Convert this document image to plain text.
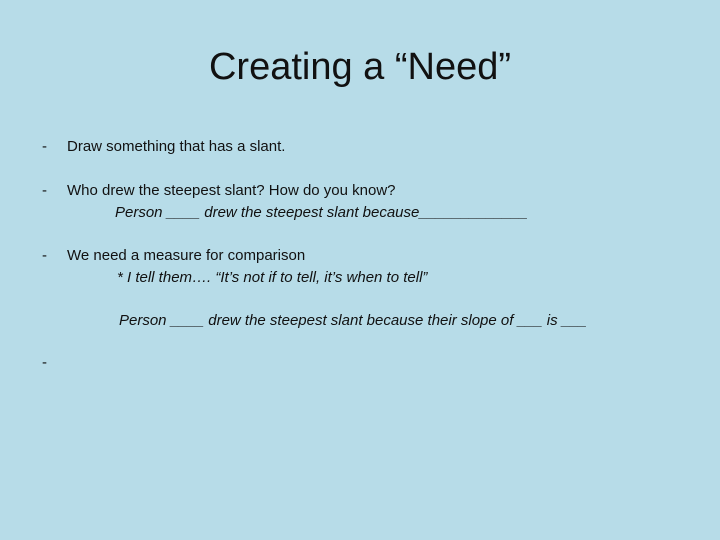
Creating a “Need”
- Draw something that has a slant.
- Who drew the steepest slant? How do you know?
Person ____ drew the steepest slant because_____________
- We need a measure for comparison
* I tell them…. “It’s not if to tell, it’s when to tell”
Person ____ drew the steepest slant because their slope of ___ is ___
-
